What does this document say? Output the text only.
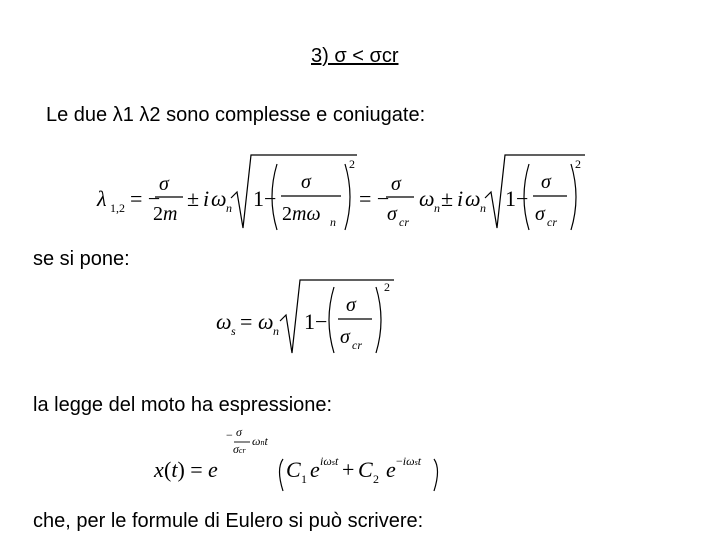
3) σ < σcr
Le due λ1 λ2 sono complesse e coniugate:
λ 1,2 = −
σ
2m
± i ω n 1−
σ
2mω n
2
= −
σ
σ cr
ω n ± i ω n 1−
σ
σ cr
2
se si pone:
ω s = ω n 1−
σ
σ cr
2
la legge del moto ha espressione:
x (t) = e
− σ
σcr
ωnt
C 1 e iωst + C 2 e −iωst
che, per le formule di Eulero si può scrivere:
